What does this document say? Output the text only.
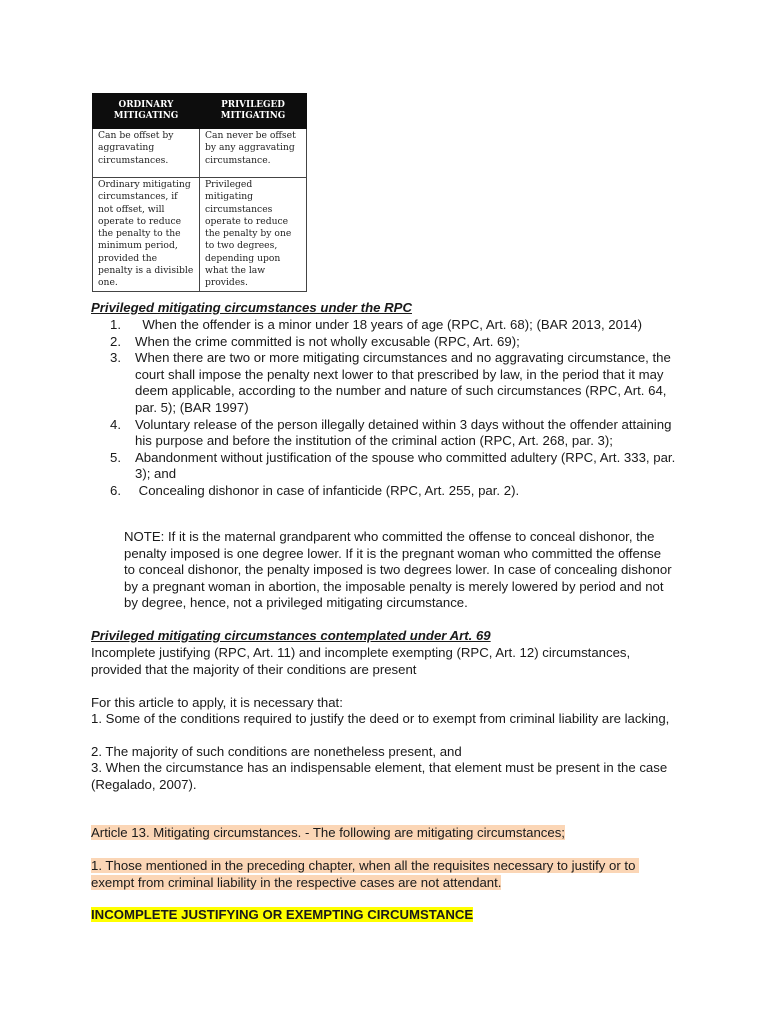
ORDINARY MITIGATING	PRIVILEGED MITIGATING
Can be offset by aggravating circumstances.	Can never be offset by any aggravating circumstance.
Ordinary mitigating circumstances, if not offset, will operate to reduce the penalty to the minimum period, provided the penalty is a divisible one.	Privileged mitigating circumstances operate to reduce the penalty by one to two degrees, depending upon what the law provides.
Privileged mitigating circumstances under the RPC
1. When the offender is a minor under 18 years of age (RPC, Art. 68); (BAR 2013, 2014)
2. When the crime committed is not wholly excusable (RPC, Art. 69);
3. When there are two or more mitigating circumstances and no aggravating circumstance, the court shall impose the penalty next lower to that prescribed by law, in the period that it may deem applicable, according to the number and nature of such circumstances (RPC, Art. 64, par. 5); (BAR 1997)
4. Voluntary release of the person illegally detained within 3 days without the offender attaining his purpose and before the institution of the criminal action (RPC, Art. 268, par. 3);
5. Abandonment without justification of the spouse who committed adultery (RPC, Art. 333, par. 3); and
6. Concealing dishonor in case of infanticide (RPC, Art. 255, par. 2).
NOTE: If it is the maternal grandparent who committed the offense to conceal dishonor, the penalty imposed is one degree lower. If it is the pregnant woman who committed the offense to conceal dishonor, the penalty imposed is two degrees lower. In case of concealing dishonor by a pregnant woman in abortion, the imposable penalty is merely lowered by period and not by degree, hence, not a privileged mitigating circumstance.
Privileged mitigating circumstances contemplated under Art. 69
Incomplete justifying (RPC, Art. 11) and incomplete exempting (RPC, Art. 12) circumstances, provided that the majority of their conditions are present
For this article to apply, it is necessary that:
1. Some of the conditions required to justify the deed or to exempt from criminal liability are lacking,
2. The majority of such conditions are nonetheless present, and
3. When the circumstance has an indispensable element, that element must be present in the case (Regalado, 2007).
Article 13. Mitigating circumstances. - The following are mitigating circumstances;
1. Those mentioned in the preceding chapter, when all the requisites necessary to justify or to exempt from criminal liability in the respective cases are not attendant.
INCOMPLETE JUSTIFYING OR EXEMPTING CIRCUMSTANCE
